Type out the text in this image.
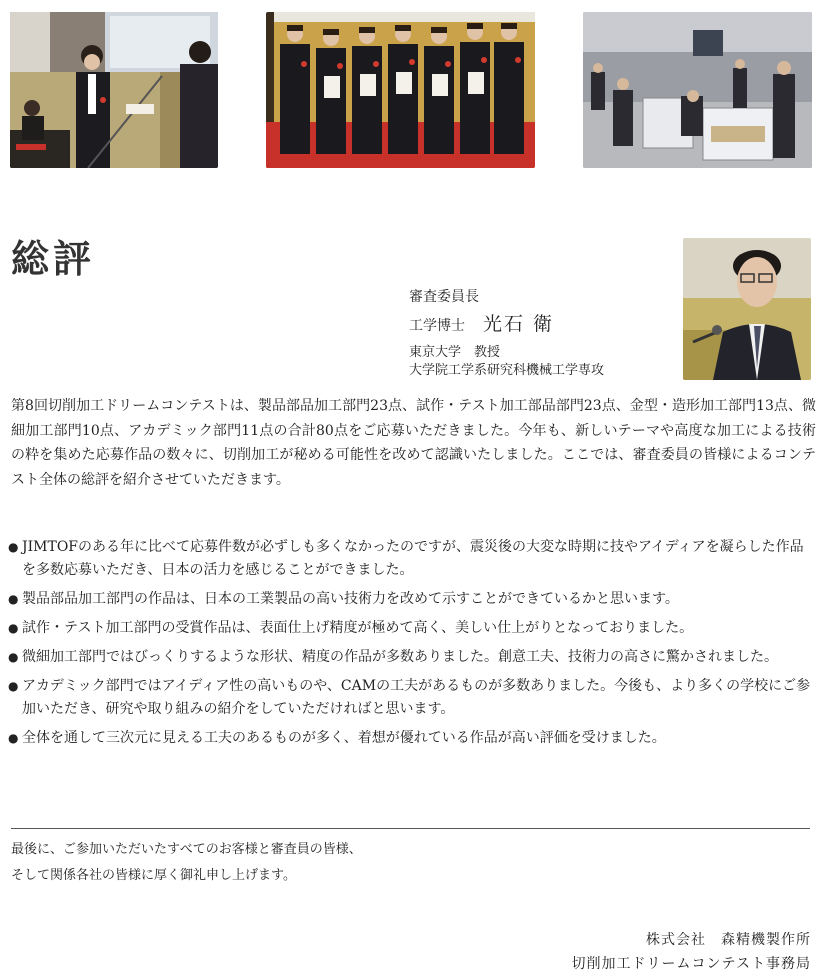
総評
審査委員長
工学博士 光石 衛
東京大学　教授
大学院工学系研究科機械工学専攻
第8回切削加工ドリームコンテストは、製品部品加工部門23点、試作・テスト加工部品部門23点、金型・造形加工部門13点、微細加工部門10点、アカデミック部門11点の合計80点をご応募いただきました。今年も、新しいテーマや高度な加工による技術の粋を集めた応募作品の数々に、切削加工が秘める可能性を改めて認識いたしました。ここでは、審査委員の皆様によるコンテスト全体の総評を紹介させていただきます。
● JIMTOFのある年に比べて応募件数が必ずしも多くなかったのですが、震災後の大変な時期に技やアイディアを凝らした作品を多数応募いただき、日本の活力を感じることができました。
● 製品部品加工部門の作品は、日本の工業製品の高い技術力を改めて示すことができているかと思います。
● 試作・テスト加工部門の受賞作品は、表面仕上げ精度が極めて高く、美しい仕上がりとなっておりました。
● 微細加工部門ではびっくりするような形状、精度の作品が多数ありました。創意工夫、技術力の高さに驚かされました。
● アカデミック部門ではアイディア性の高いものや、CAMの工夫があるものが多数ありました。今後も、より多くの学校にご参加いただき、研究や取り組みの紹介をしていただければと思います。
● 全体を通して三次元に見える工夫のあるものが多く、着想が優れている作品が高い評価を受けました。
最後に、ご参加いただいたすべてのお客様と審査員の皆様、
そして関係各社の皆様に厚く御礼申し上げます。
株式会社　森精機製作所
切削加工ドリームコンテスト事務局
